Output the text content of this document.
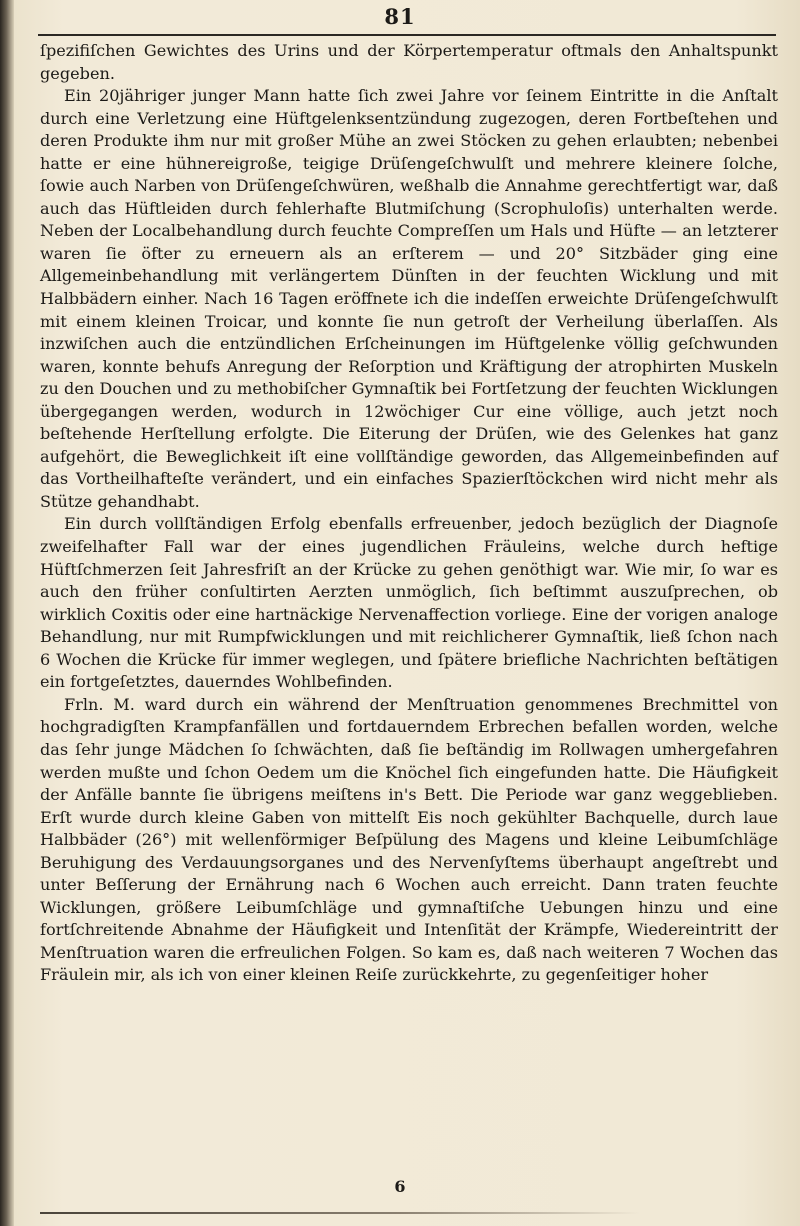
81

ſpezifiſchen Gewichtes des Urins und der Körpertemperatur oftmals den Anhaltspunkt gegeben.

Ein 20jähriger junger Mann hatte ſich zwei Jahre vor ſeinem Eintritte in die Anſtalt durch eine Verletzung eine Hüftgelenksentzündung zugezogen, deren Fortbeſtehen und deren Produkte ihm nur mit großer Mühe an zwei Stöcken zu gehen erlaubten; nebenbei hatte er eine hühnereigroße, teigige Drüſengeſchwulſt und mehrere kleinere ſolche, ſowie auch Narben von Drüſengeſchwüren, weßhalb die Annahme gerechtfertigt war, daß auch das Hüftleiden durch fehlerhafte Blutmiſchung (Scrophuloſis) unterhalten werde. Neben der Localbehandlung durch feuchte Compreſſen um Hals und Hüfte — an letzterer waren ſie öfter zu erneuern als an erſterem — und 20° Sitzbäder ging eine Allgemeinbehandlung mit verlängertem Dünſten in der feuchten Wicklung und mit Halbbädern einher. Nach 16 Tagen eröffnete ich die indeſſen erweichte Drüſengeſchwulſt mit einem kleinen Troicar, und konnte ſie nun getroſt der Verheilung überlaſſen. Als inzwiſchen auch die entzündlichen Erſcheinungen im Hüftgelenke völlig geſchwunden waren, konnte behufs Anregung der Reſorption und Kräftigung der atrophirten Muskeln zu den Douchen und zu methobiſcher Gymnaſtik bei Fortſetzung der feuchten Wicklungen übergegangen werden, wodurch in 12wöchiger Cur eine völlige, auch jetzt noch beſtehende Herſtellung erfolgte. Die Eiterung der Drüſen, wie des Gelenkes hat ganz aufgehört, die Beweglichkeit iſt eine vollſtändige geworden, das Allgemeinbefinden auf das Vortheilhafteſte verändert, und ein einfaches Spazierſtöckchen wird nicht mehr als Stütze gehandhabt.

Ein durch vollſtändigen Erfolg ebenfalls erfreuenber, jedoch bezüglich der Diagnoſe zweifelhafter Fall war der eines jugendlichen Fräuleins, welche durch heftige Hüftſchmerzen ſeit Jahresfriſt an der Krücke zu gehen genöthigt war. Wie mir, ſo war es auch den früher conſultirten Aerzten unmöglich, ſich beſtimmt auszuſprechen, ob wirklich Coxitis oder eine hartnäckige Nervenaffection vorliege. Eine der vorigen analoge Behandlung, nur mit Rumpfwicklungen und mit reichlicherer Gymnaſtik, ließ ſchon nach 6 Wochen die Krücke für immer weglegen, und ſpätere briefliche Nachrichten beſtätigen ein fortgeſetztes, dauerndes Wohlbefinden.

Frln. M. ward durch ein während der Menſtruation genommenes Brechmittel von hochgradigſten Krampfanfällen und fortdauerndem Erbrechen befallen worden, welche das ſehr junge Mädchen ſo ſchwächten, daß ſie beſtändig im Rollwagen umhergefahren werden mußte und ſchon Oedem um die Knöchel ſich eingefunden hatte. Die Häufigkeit der Anfälle bannte ſie übrigens meiſtens in's Bett. Die Periode war ganz weggeblieben. Erſt wurde durch kleine Gaben von mittelſt Eis noch gekühlter Bachquelle, durch laue Halbbäder (26°) mit wellenförmiger Beſpülung des Magens und kleine Leibumſchläge Beruhigung des Verdauungsorganes und des Nervenſyſtems überhaupt angeſtrebt und unter Beſſerung der Ernährung nach 6 Wochen auch erreicht. Dann traten feuchte Wicklungen, größere Leibumſchläge und gymnaſtiſche Uebungen hinzu und eine fortſchreitende Abnahme der Häufigkeit und Intenſität der Krämpfe, Wiedereintritt der Menſtruation waren die erfreulichen Folgen. So kam es, daß nach weiteren 7 Wochen das Fräulein mir, als ich von einer kleinen Reiſe zurückkehrte, zu gegenſeitiger hoher

6
